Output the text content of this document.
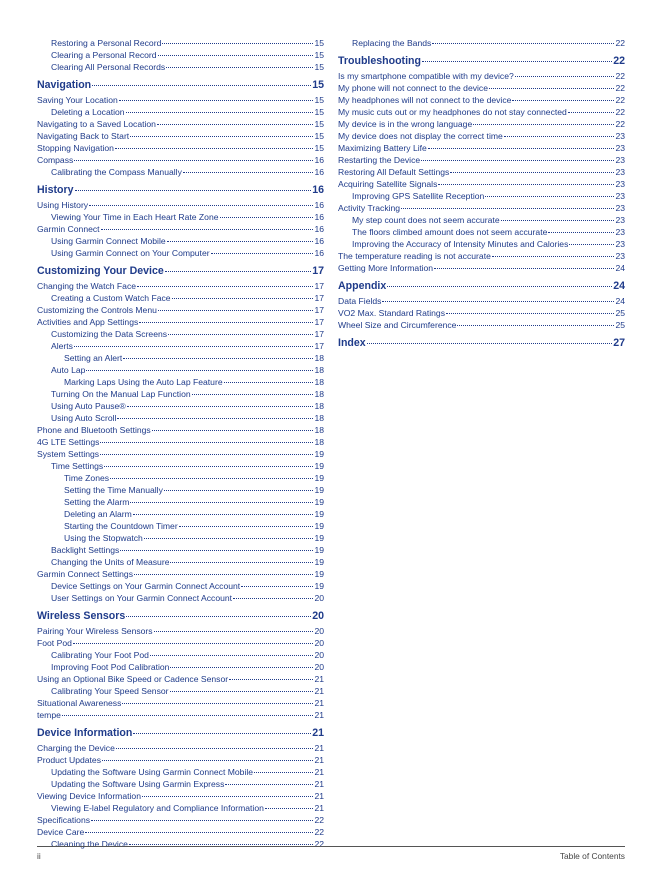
Restoring a Personal Record	15
Clearing a Personal Record	15
Clearing All Personal Records	15
Navigation	15
Saving Your Location	15
Deleting a Location	15
Navigating to a Saved Location	15
Navigating Back to Start	15
Stopping Navigation	15
Compass	16
Calibrating the Compass Manually	16
History	16
Using History	16
Viewing Your Time in Each Heart Rate Zone	16
Garmin Connect	16
Using Garmin Connect Mobile	16
Using Garmin Connect on Your Computer	16
Customizing Your Device	17
Changing the Watch Face	17
Creating a Custom Watch Face	17
Customizing the Controls Menu	17
Activities and App Settings	17
Customizing the Data Screens	17
Alerts	17
Setting an Alert	18
Auto Lap	18
Marking Laps Using the Auto Lap Feature	18
Turning On the Manual Lap Function	18
Using Auto Pause®	18
Using Auto Scroll	18
Phone and Bluetooth Settings	18
4G LTE Settings	18
System Settings	19
Time Settings	19
Time Zones	19
Setting the Time Manually	19
Setting the Alarm	19
Deleting an Alarm	19
Starting the Countdown Timer	19
Using the Stopwatch	19
Backlight Settings	19
Changing the Units of Measure	19
Garmin Connect Settings	19
Device Settings on Your Garmin Connect Account	19
User Settings on Your Garmin Connect Account	20
Wireless Sensors	20
Pairing Your Wireless Sensors	20
Foot Pod	20
Calibrating Your Foot Pod	20
Improving Foot Pod Calibration	20
Using an Optional Bike Speed or Cadence Sensor	21
Calibrating Your Speed Sensor	21
Situational Awareness	21
tempe	21
Device Information	21
Charging the Device	21
Product Updates	21
Updating the Software Using Garmin Connect Mobile	21
Updating the Software Using Garmin Express	21
Viewing Device Information	21
Viewing E-label Regulatory and Compliance Information	21
Specifications	22
Device Care	22
Cleaning the Device	22
Replacing the Bands	22
Troubleshooting	22
Is my smartphone compatible with my device?	22
My phone will not connect to the device	22
My headphones will not connect to the device	22
My music cuts out or my headphones do not stay connected	22
My device is in the wrong language	22
My device does not display the correct time	23
Maximizing Battery Life	23
Restarting the Device	23
Restoring All Default Settings	23
Acquiring Satellite Signals	23
Improving GPS Satellite Reception	23
Activity Tracking	23
My step count does not seem accurate	23
The floors climbed amount does not seem accurate	23
Improving the Accuracy of Intensity Minutes and Calories	23
The temperature reading is not accurate	23
Getting More Information	24
Appendix	24
Data Fields	24
VO2 Max. Standard Ratings	25
Wheel Size and Circumference	25
Index	27
ii	Table of Contents
